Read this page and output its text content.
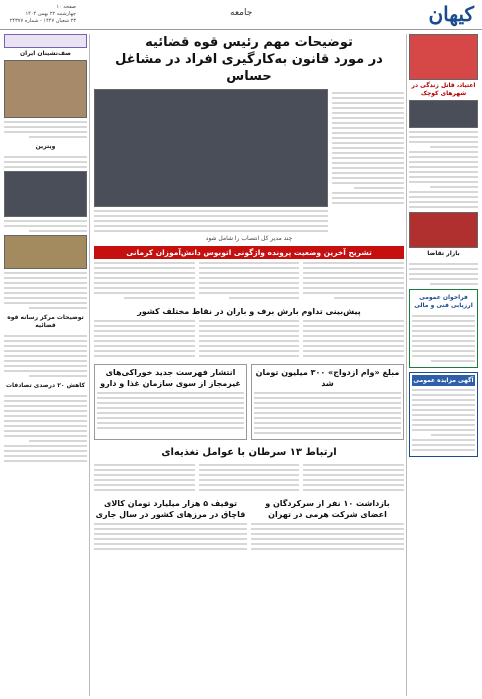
کیهان
جامعه
صفحه ۱۰
چهارشنبه ۲۲ بهمن ۱۴۰۴
۲۳ شعبان ۱۴۴۷ - شماره ۲۴۳۷۷
اعتیاد، قاتل زندگی در شهرهای کوچک
بازار تقاضا
فراخوان عمومی ارزیابی فنی و مالی
آگهی مزایده عمومی
صف‌نشینان ایران
ویترین
توضیحات مرکز رسانه قوه قضائیه
کاهش ۲۰ درصدی تصادفات
توضیحات مهم رئیس قوه قضائیه
در مورد قانون به‌کارگیری افراد در مشاغل حساس
چند مدیر کل انتصاب را شامل شود
تشریح آخرین وضعیت پرونده واژگونی اتوبوس دانش‌آموزان کرمانی
پیش‌بینی تداوم بارش برف و باران در نقاط مختلف کشور
مبلغ «وام ازدواج» ۳۰۰ میلیون تومان شد
انتشار فهرست جدید خوراکی‌های غیرمجاز از سوی سازمان غذا و دارو
ارتباط ۱۳ سرطان با عوامل تغذیه‌ای
بازداشت ۱۰ نفر از سرکردگان و اعضای شرکت هرمی در تهران
توقیف ۵ هزار میلیارد تومان کالای قاچاق در مرزهای کشور در سال جاری
